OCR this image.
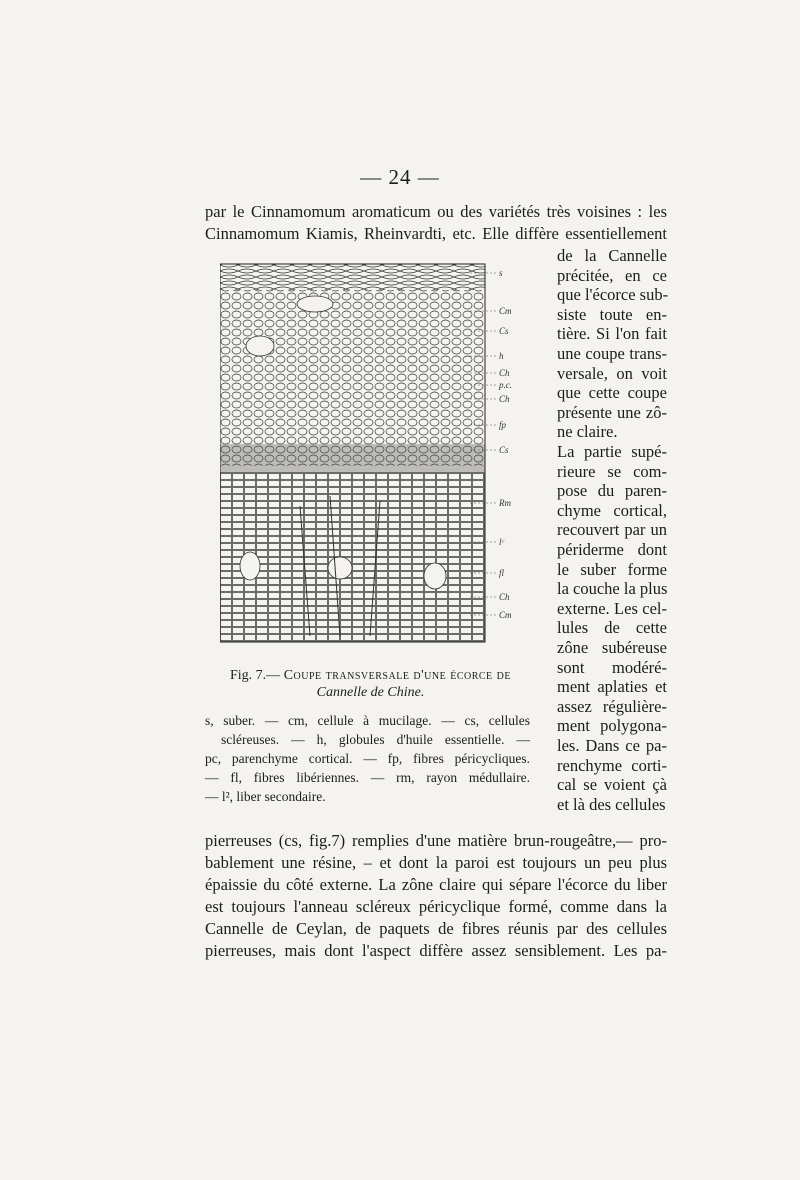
— 24 —
par le Cinnamomum aromaticum ou des variétés très voisines : les
Cinnamomum Kiamis, Rheinvardti, etc. Elle diffère essentiellement
de la Cannelle
précitée, en ce
que l'écorce sub-
siste toute en-
tière. Si l'on fait
une coupe trans-
versale, on voit
que cette coupe
présente une zô-
ne claire.
La partie supé-
rieure se com-
pose du paren-
chyme cortical,
recouvert par un
périderme dont
le suber forme
la couche la plus
externe. Les cel-
lules de cette
zône subéreuse
sont modéré-
ment aplaties et
assez régulière-
ment polygona-
les. Dans ce pa-
renchyme corti-
cal se voient çà
et là des cellules
s
Cm
Cs
h
Ch
p.c.
Ch
fp
Cs
Rm
lᶜ
fl
Ch
Cm
Fig. 7.— Coupe transversale d'une écorce de
Cannelle de Chine.
s, suber. — cm, cellule à mucilage. — cs, cellules
scléreuses. — h, globules d'huile essentielle. —
pc, parenchyme cortical. — fp, fibres péricycliques.
— fl, fibres libériennes. — rm, rayon médullaire.
— l², liber secondaire.
pierreuses (cs, fig.7) remplies d'une matière brun-rougeâtre,— pro-
bablement une résine, – et dont la paroi est toujours un peu plus
épaissie du côté externe. La zône claire qui sépare l'écorce du liber
est toujours l'anneau scléreux péricyclique formé, comme dans la
Cannelle de Ceylan, de paquets de fibres réunis par des cellules
pierreuses, mais dont l'aspect diffère assez sensiblement. Les pa-
